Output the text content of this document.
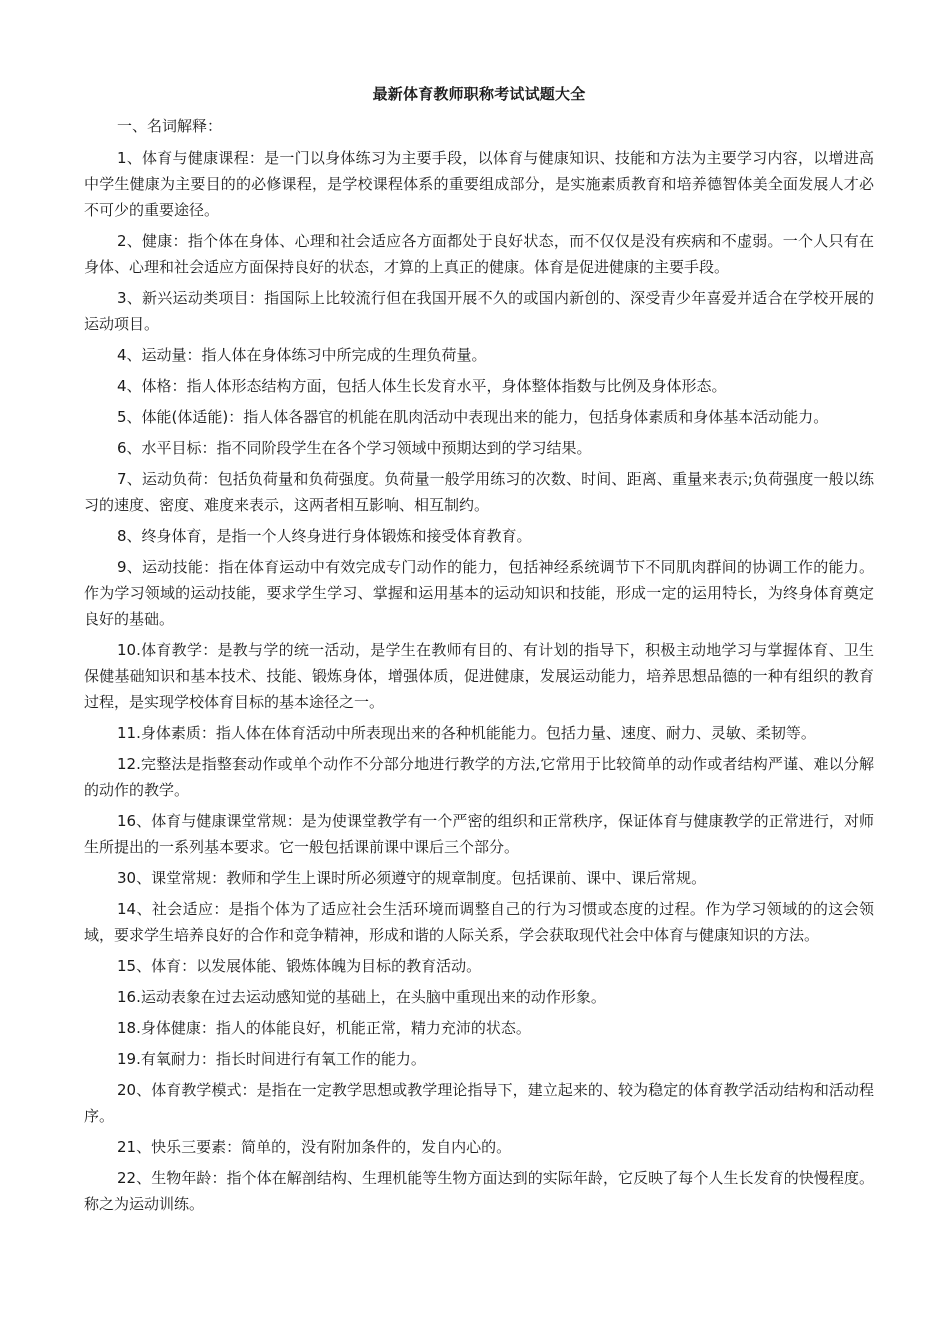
最新体育教师职称考试试题大全
一、名词解释：
1、体育与健康课程：是一门以身体练习为主要手段，以体育与健康知识、技能和方法为主要学习内容，以增进高中学生健康为主要目的的必修课程，是学校课程体系的重要组成部分，是实施素质教育和培养德智体美全面发展人才必不可少的重要途径。
2、健康：指个体在身体、心理和社会适应各方面都处于良好状态，而不仅仅是没有疾病和不虚弱。一个人只有在身体、心理和社会适应方面保持良好的状态，才算的上真正的健康。体育是促进健康的主要手段。
3、新兴运动类项目：指国际上比较流行但在我国开展不久的或国内新创的、深受青少年喜爱并适合在学校开展的运动项目。
4、运动量：指人体在身体练习中所完成的生理负荷量。
4、体格：指人体形态结构方面，包括人体生长发育水平，身体整体指数与比例及身体形态。
5、体能(体适能)：指人体各器官的机能在肌肉活动中表现出来的能力，包括身体素质和身体基本活动能力。
6、水平目标：指不同阶段学生在各个学习领域中预期达到的学习结果。
7、运动负荷：包括负荷量和负荷强度。负荷量一般学用练习的次数、时间、距离、重量来表示;负荷强度一般以练习的速度、密度、难度来表示，这两者相互影响、相互制约。
8、终身体育，是指一个人终身进行身体锻炼和接受体育教育。
9、运动技能：指在体育运动中有效完成专门动作的能力，包括神经系统调节下不同肌肉群间的协调工作的能力。作为学习领域的运动技能，要求学生学习、掌握和运用基本的运动知识和技能，形成一定的运用特长，为终身体育奠定良好的基础。
10.体育教学：是教与学的统一活动，是学生在教师有目的、有计划的指导下，积极主动地学习与掌握体育、卫生保健基础知识和基本技术、技能、锻炼身体，增强体质，促进健康，发展运动能力，培养思想品德的一种有组织的教育过程，是实现学校体育目标的基本途径之一。
11.身体素质：指人体在体育活动中所表现出来的各种机能能力。包括力量、速度、耐力、灵敏、柔韧等。
12.完整法是指整套动作或单个动作不分部分地进行教学的方法,它常用于比较简单的动作或者结构严谨、难以分解的动作的教学。
16、体育与健康课堂常规：是为使课堂教学有一个严密的组织和正常秩序，保证体育与健康教学的正常进行，对师生所提出的一系列基本要求。它一般包括课前课中课后三个部分。
30、课堂常规：教师和学生上课时所必须遵守的规章制度。包括课前、课中、课后常规。
14、社会适应：是指个体为了适应社会生活环境而调整自己的行为习惯或态度的过程。作为学习领域的的这会领域，要求学生培养良好的合作和竞争精神，形成和谐的人际关系，学会获取现代社会中体育与健康知识的方法。
15、体育：以发展体能、锻炼体魄为目标的教育活动。
16.运动表象在过去运动感知觉的基础上，在头脑中重现出来的动作形象。
18.身体健康：指人的体能良好，机能正常，精力充沛的状态。
19.有氧耐力：指长时间进行有氧工作的能力。
20、体育教学模式：是指在一定教学思想或教学理论指导下，建立起来的、较为稳定的体育教学活动结构和活动程序。
21、快乐三要素：简单的，没有附加条件的，发自内心的。
22、生物年龄：指个体在解剖结构、生理机能等生物方面达到的实际年龄，它反映了每个人生长发育的快慢程度。称之为运动训练。
